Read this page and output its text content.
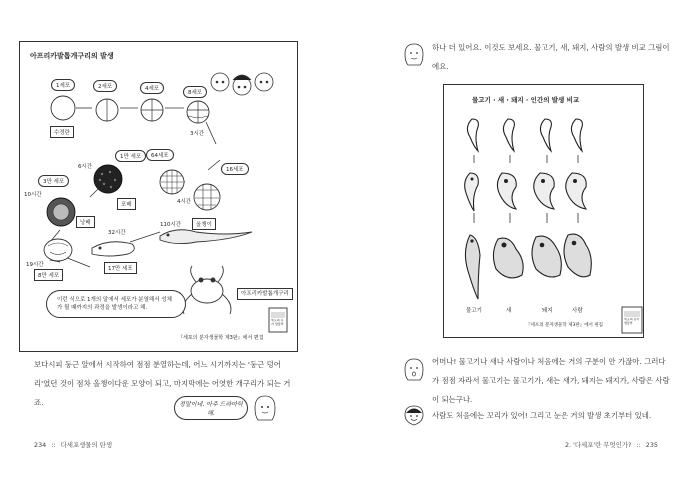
아프리카발톱개구리의 발생
1세포
수정란
2세포	4세포
8세포
3시간
16세포
4시간
64세포
1만 세포
6시간
포배
3만 세포
10시간
낭배
19시간
8만 세포
32시간
17만 세포
110시간	올챙이
아프리카발톱개구리
이런 식으로 1개의 알에서 세포가 분열해서 성체가 될 때까지의 과정을 발생이라고 해.
『세포의 분자생물학 제3판』에서 편집
세포의 분자 생물학
보다시피 둥근 알에서 시작하여 점점 분열하는데, 어느 시기까지는 '둥근 덩어리'였던 것이 점차 올챙이다운 모양이 되고, 마지막에는 어엿한 개구리가 되는 거죠.	정말이네. 아주 드라마틱해.
234 :: 다세포생물의 탄생
하나 더 있어요. 이것도 보세요. 물고기, 새, 돼지, 사람의 발생 비교 그림이에요.
물고기 · 새 · 돼지 · 인간의 발생 비교
물고기	새	돼지	사람
『세포의 분자생물학 제3판』에서 편집
세포의 분자 생물학
어머나! 물고기나 새나 사람이나 처음에는 거의 구분이 안 가잖아. 그러다가 점점 자라서 물고기는 물고기가, 새는 새가, 돼지는 돼지가, 사람은 사람이 되는구나.
사람도 처음에는 꼬리가 있어! 그리고 눈은 거의 발생 초기부터 있네.
2. '다세포'란 무엇인가? :: 235
